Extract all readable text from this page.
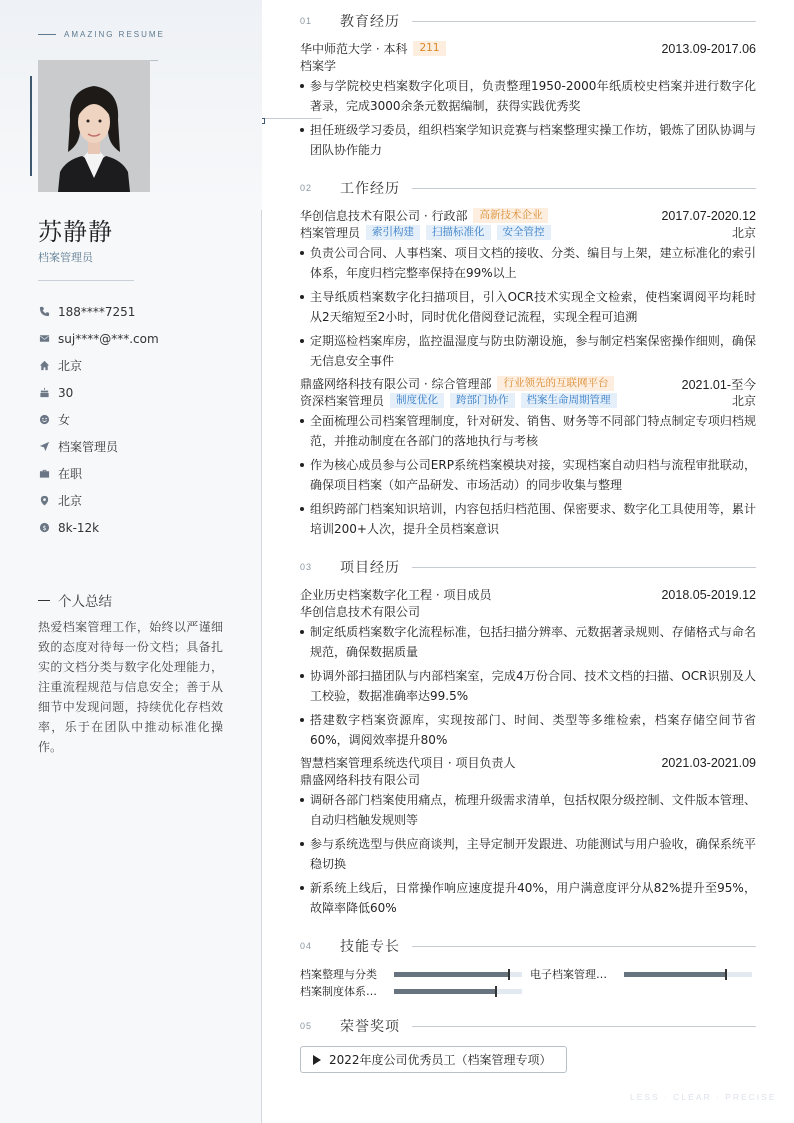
AMAZING RESUME
苏静静
档案管理员
188****7251
suj****@***.com
北京
30
女
档案管理员
在职
北京
$ 8k-12k
个人总结
热爱档案管理工作，始终以严谨细致的态度对待每一份文档；具备扎实的文档分类与数字化处理能力，注重流程规范与信息安全；善于从细节中发现问题，持续优化存档效率，乐于在团队中推动标准化操作。
01	教育经历
华中师范大学 · 本科	211	2013.09-2017.06
档案学
参与学院校史档案数字化项目，负责整理1950-2000年纸质校史档案并进行数字化著录，完成3000余条元数据编制，获得实践优秀奖
担任班级学习委员，组织档案学知识竞赛与档案整理实操工作坊，锻炼了团队协调与团队协作能力
02	工作经历
华创信息技术有限公司 · 行政部	高新技术企业	2017.07-2020.12
档案管理员	索引构建	扫描标准化	安全管控	北京
负责公司合同、人事档案、项目文档的接收、分类、编目与上架，建立标准化的索引体系，年度归档完整率保持在99%以上
主导纸质档案数字化扫描项目，引入OCR技术实现全文检索，使档案调阅平均耗时从2天缩短至2小时，同时优化借阅登记流程，实现全程可追溯
定期巡检档案库房，监控温湿度与防虫防潮设施，参与制定档案保密操作细则，确保无信息安全事件
鼎盛网络科技有限公司 · 综合管理部	行业领先的互联网平台	2021.01-至今
资深档案管理员	制度优化	跨部门协作	档案生命周期管理	北京
全面梳理公司档案管理制度，针对研发、销售、财务等不同部门特点制定专项归档规范，并推动制度在各部门的落地执行与考核
作为核心成员参与公司ERP系统档案模块对接，实现档案自动归档与流程审批联动，确保项目档案（如产品研发、市场活动）的同步收集与整理
组织跨部门档案知识培训，内容包括归档范围、保密要求、数字化工具使用等，累计培训200+人次，提升全员档案意识
03	项目经历
企业历史档案数字化工程 · 项目成员	2018.05-2019.12
华创信息技术有限公司
制定纸质档案数字化流程标准，包括扫描分辨率、元数据著录规则、存储格式与命名规范，确保数据质量
协调外部扫描团队与内部档案室，完成4万份合同、技术文档的扫描、OCR识别及人工校验，数据准确率达99.5%
搭建数字档案资源库，实现按部门、时间、类型等多维检索，档案存储空间节省60%，调阅效率提升80%
智慧档案管理系统迭代项目 · 项目负责人	2021.03-2021.09
鼎盛网络科技有限公司
调研各部门档案使用痛点，梳理升级需求清单，包括权限分级控制、文件版本管理、自动归档触发规则等
参与系统选型与供应商谈判，主导定制开发跟进、功能测试与用户验收，确保系统平稳切换
新系统上线后，日常操作响应速度提升40%，用户满意度评分从82%提升至95%，故障率降低60%
04	技能专长
档案整理与分类	电子档案管理…
档案制度体系…
05	荣誉奖项
2022年度公司优秀员工（档案管理专项）
LESS · CLEAR · PRECISE
